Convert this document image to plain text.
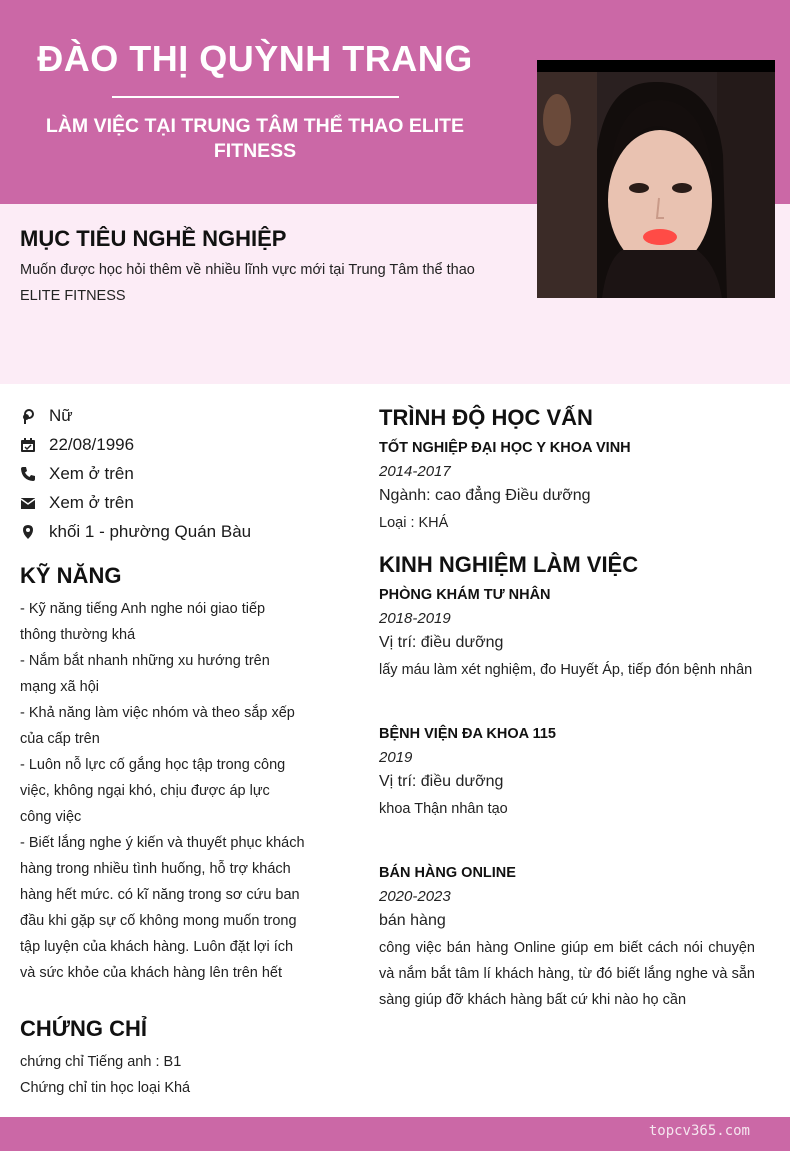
ĐÀO THỊ QUỲNH TRANG
LÀM VIỆC TẠI TRUNG TÂM THỂ THAO ELITE FITNESS
MỤC TIÊU NGHỀ NGHIỆP
Muốn được học hỏi thêm về nhiều lĩnh vực mới tại Trung Tâm thể thao ELITE FITNESS
Nữ
22/08/1996
Xem ở trên
Xem ở trên
khối 1 - phường Quán Bàu
KỸ NĂNG
- Kỹ năng tiếng Anh nghe nói giao tiếp thông thường khá
- Nắm bắt nhanh những xu hướng trên mạng xã hội
- Khả năng làm việc nhóm và theo sắp xếp của cấp trên
- Luôn nỗ lực cố gắng học tập trong công việc, không ngại khó, chịu được áp lực công việc
- Biết lắng nghe ý kiến và thuyết phục khách hàng trong nhiều tình huống, hỗ trợ khách hàng hết mức. có kĩ năng trong sơ cứu ban đầu khi gặp sự cố không mong muốn trong tập luyện của khách hàng. Luôn đặt lợi ích và sức khỏe của khách hàng lên trên hết
CHỨNG CHỈ
chứng chỉ Tiếng anh : B1
Chứng chỉ tin học loại Khá
TRÌNH ĐỘ HỌC VẤN
TỐT NGHIỆP ĐẠI HỌC Y KHOA VINH
2014-2017
Ngành: cao đẳng Điều dưỡng
Loại : KHÁ
KINH NGHIỆM LÀM VIỆC
PHÒNG KHÁM TƯ NHÂN
2018-2019
Vị trí: điều dưỡng
lấy máu làm xét nghiệm, đo Huyết Áp, tiếp đón bệnh nhân
BỆNH VIỆN ĐA KHOA 115
2019
Vị trí: điều dưỡng
khoa Thận nhân tạo
BÁN HÀNG ONLINE
2020-2023
bán hàng
công việc bán hàng Online giúp em biết cách nói chuyện và nắm bắt tâm lí khách hàng, từ đó biết lắng nghe và sẵn sàng giúp đỡ khách hàng bất cứ khi nào họ cần
topcv365.com
